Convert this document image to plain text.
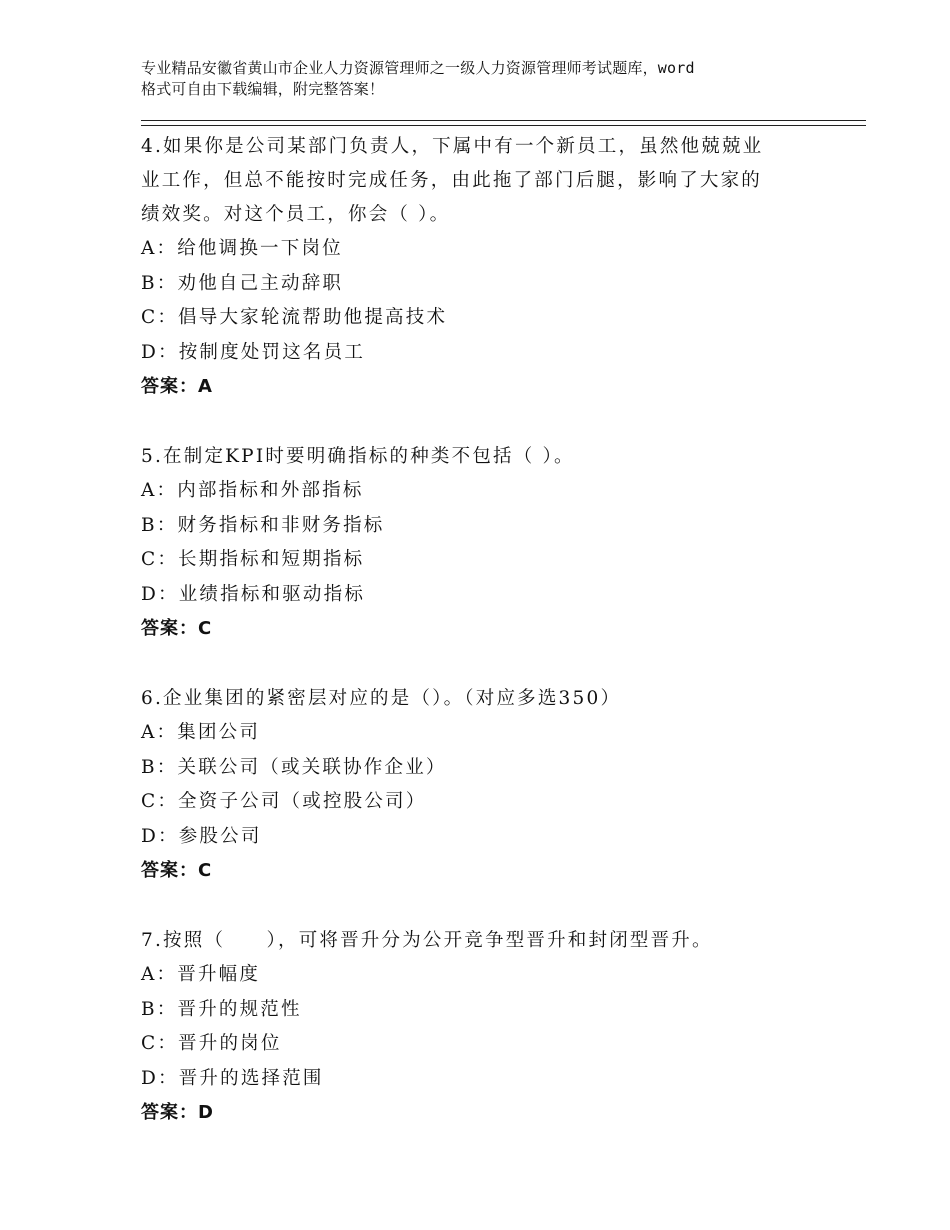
专业精品安徽省黄山市企业人力资源管理师之一级人力资源管理师考试题库，word
格式可自由下载编辑，附完整答案！
4.如果你是公司某部门负责人，下属中有一个新员工，虽然他兢兢业
业工作，但总不能按时完成任务，由此拖了部门后腿，影响了大家的
绩效奖。对这个员工，你会（ ）。
A：给他调换一下岗位
B：劝他自己主动辞职
C：倡导大家轮流帮助他提高技术
D：按制度处罚这名员工
答案：A
5.在制定KPI时要明确指标的种类不包括（ ）。
A：内部指标和外部指标
B：财务指标和非财务指标
C：长期指标和短期指标
D：业绩指标和驱动指标
答案：C
6.企业集团的紧密层对应的是（）。（对应多选350）
A：集团公司
B：关联公司（或关联协作企业）
C：全资子公司（或控股公司）
D：参股公司
答案：C
7.按照（　　），可将晋升分为公开竞争型晋升和封闭型晋升。
A：晋升幅度
B：晋升的规范性
C：晋升的岗位
D：晋升的选择范围
答案：D
